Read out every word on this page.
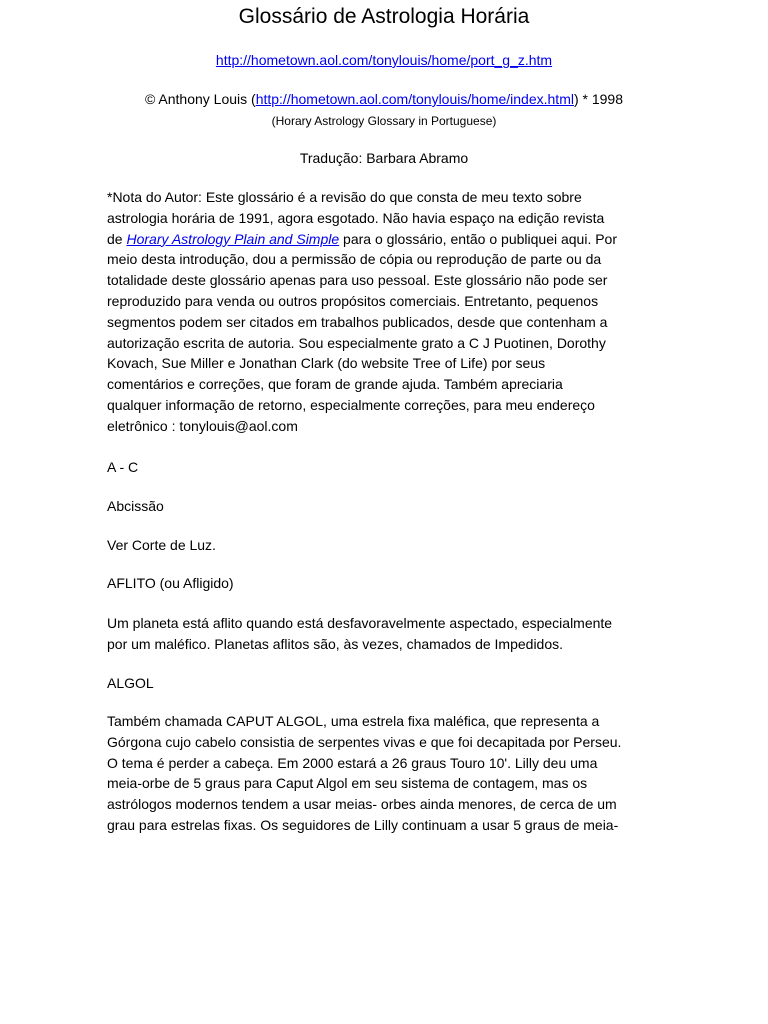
Glossário de Astrologia Horária
http://hometown.aol.com/tonylouis/home/port_g_z.htm
© Anthony Louis (http://hometown.aol.com/tonylouis/home/index.html) * 1998
(Horary Astrology Glossary in Portuguese)
Tradução: Barbara Abramo
*Nota do Autor: Este glossário é a revisão do que consta de meu texto sobre
astrologia horária de 1991, agora esgotado. Não havia espaço na edição revista
de Horary Astrology Plain and Simple para o glossário, então o publiquei aqui. Por
meio desta introdução, dou a permissão de cópia ou reprodução de parte ou da
totalidade deste glossário apenas para uso pessoal. Este glossário não pode ser
reproduzido para venda ou outros propósitos comerciais. Entretanto, pequenos
segmentos podem ser citados em trabalhos publicados, desde que contenham a
autorização escrita de autoria. Sou especialmente grato a C J Puotinen, Dorothy
Kovach, Sue Miller e Jonathan Clark (do website Tree of Life) por seus
comentários e correções, que foram de grande ajuda. Também apreciaria
qualquer informação de retorno, especialmente correções, para meu endereço
eletrônico : tonylouis@aol.com
A - C
Abcissão
Ver Corte de Luz.
AFLITO (ou Afligido)
Um planeta está aflito quando está desfavoravelmente aspectado, especialmente
por um maléfico. Planetas aflitos são, às vezes, chamados de Impedidos.
ALGOL
Também chamada CAPUT ALGOL, uma estrela fixa maléfica, que representa a
Górgona cujo cabelo consistia de serpentes vivas e que foi decapitada por Perseu.
O tema é perder a cabeça. Em 2000 estará a 26 graus Touro 10'. Lilly deu uma
meia-orbe de 5 graus para Caput Algol em seu sistema de contagem, mas os
astrólogos modernos tendem a usar meias- orbes ainda menores, de cerca de um
grau para estrelas fixas. Os seguidores de Lilly continuam a usar 5 graus de meia-
